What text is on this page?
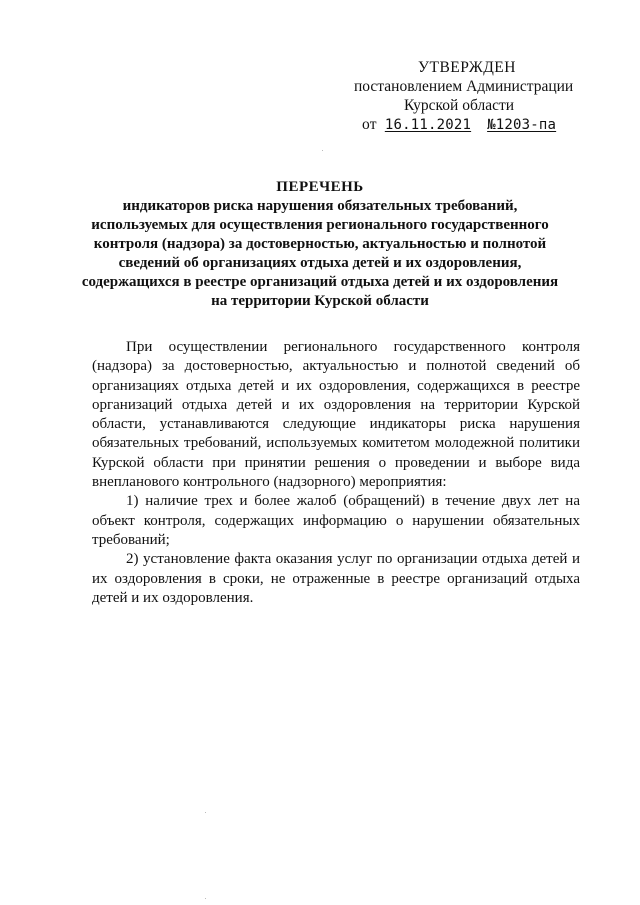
УТВЕРЖДЕН
постановлением Администрации
Курской области
от 16.11.2021 №1203-па
ПЕРЕЧЕНЬ
индикаторов риска нарушения обязательных требований,
используемых для осуществления регионального государственного
контроля (надзора) за достоверностью, актуальностью и полнотой
сведений об организациях отдыха детей и их оздоровления,
содержащихся в реестре организаций отдыха детей и их оздоровления
на территории Курской области

При осуществлении регионального государственного контроля (надзора) за достоверностью, актуальностью и полнотой сведений об организациях отдыха детей и их оздоровления, содержащихся в реестре организаций отдыха детей и их оздоровления на территории Курской области, устанавливаются следующие индикаторы риска нарушения обязательных требований, используемых комитетом молодежной политики Курской области при принятии решения о проведении и выборе вида внепланового контрольного (надзорного) мероприятия:

1) наличие трех и более жалоб (обращений) в течение двух лет на объект контроля, содержащих информацию о нарушении обязательных требований;

2) установление факта оказания услуг по организации отдыха детей и их оздоровления в сроки, не отраженные в реестре организаций отдыха детей и их оздоровления.
